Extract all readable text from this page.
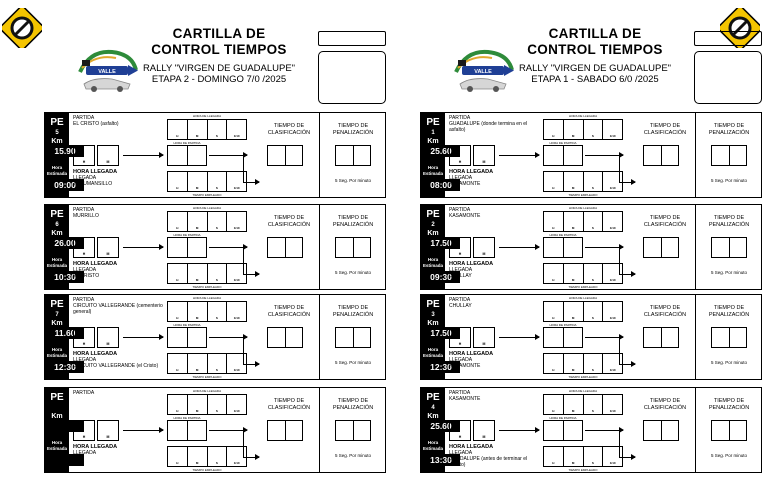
VALLE
CARTILLA DE CONTROL TIEMPOS
RALLY "VIRGEN DE GUADALUPE"
ETAPA 2 - DOMINGO 7/0 /2025
PE
5
Km
Hora Estimada
15.90
09:00
PARTIDA
EL CRISTO (asfalto)
H	M
HORA LLEGADA
LLEGADA
TUCUMANSILLO
HORA DE LLEGADA
H	M	S	1/10
HORA DE PARTIDA
H	M	S	1/10
TIEMPO EMPLEADO
TIEMPO DE CLASIFICACIÓN
TIEMPO DE PENALIZACIÓN
5 Seg. Por minuto
PE
6
Km
Hora Estimada
26.00
10:30
PARTIDA
MURRILLO
H	M
HORA LLEGADA
LLEGADA
EL CRISTO
HORA DE LLEGADA
H	M	S	1/10
HORA DE PARTIDA
H	M	S	1/10
TIEMPO EMPLEADO
TIEMPO DE CLASIFICACIÓN
TIEMPO DE PENALIZACIÓN
5 Seg. Por minuto
PE
7
Km
Hora Estimada
11.60
12:30
PARTIDA
CIRCUITO VALLEGRANDE (cementerio general)
H	M
HORA LLEGADA
LLEGADA
CIRCUITO VALLEGRANDE (el Cristo)
HORA DE LLEGADA
H	M	S	1/10
HORA DE PARTIDA
H	M	S	1/10
TIEMPO EMPLEADO
TIEMPO DE CLASIFICACIÓN
TIEMPO DE PENALIZACIÓN
5 Seg. Por minuto
PE
Km
Hora Estimada
PARTIDA
H	M
HORA LLEGADA
LLEGADA
HORA DE LLEGADA
H	M	S	1/10
HORA DE PARTIDA
H	M	S	1/10
TIEMPO EMPLEADO
TIEMPO DE CLASIFICACIÓN
TIEMPO DE PENALIZACIÓN
5 Seg. Por minuto
VALLE
CARTILLA DE CONTROL TIEMPOS
RALLY "VIRGEN DE GUADALUPE"
ETAPA 1 - SABADO 6/0 /2025
PE
1
Km
Hora Estimada
25.60
08:00
PARTIDA
GUADALUPE (donde termina en el asfalto)
H	M
HORA LLEGADA
LLEGADA
KASAMONTE
HORA DE LLEGADA
H	M	S	1/10
HORA DE PARTIDA
H	M	S	1/10
TIEMPO EMPLEADO
TIEMPO DE CLASIFICACIÓN
TIEMPO DE PENALIZACIÓN
5 Seg. Por minuto
PE
2
Km
Hora Estimada
17.50
09:30
PARTIDA
KASAMONTE
H	M
HORA LLEGADA
LLEGADA
CHULLAY
HORA DE LLEGADA
H	M	S	1/10
HORA DE PARTIDA
H	M	S	1/10
TIEMPO EMPLEADO
TIEMPO DE CLASIFICACIÓN
TIEMPO DE PENALIZACIÓN
5 Seg. Por minuto
PE
3
Km
Hora Estimada
17.50
12:30
PARTIDA
CHULLAY
H	M
HORA LLEGADA
LLEGADA
KASAMONTE
HORA DE LLEGADA
H	M	S	1/10
HORA DE PARTIDA
H	M	S	1/10
TIEMPO EMPLEADO
TIEMPO DE CLASIFICACIÓN
TIEMPO DE PENALIZACIÓN
5 Seg. Por minuto
PE
4
Km
Hora Estimada
25.60
13:30
PARTIDA
KASAMONTE
H	M
HORA LLEGADA
LLEGADA
GUADALUPE (antes de terminar el asfalto)
HORA DE LLEGADA
H	M	S	1/10
HORA DE PARTIDA
H	M	S	1/10
TIEMPO EMPLEADO
TIEMPO DE CLASIFICACIÓN
TIEMPO DE PENALIZACIÓN
5 Seg. Por minuto
